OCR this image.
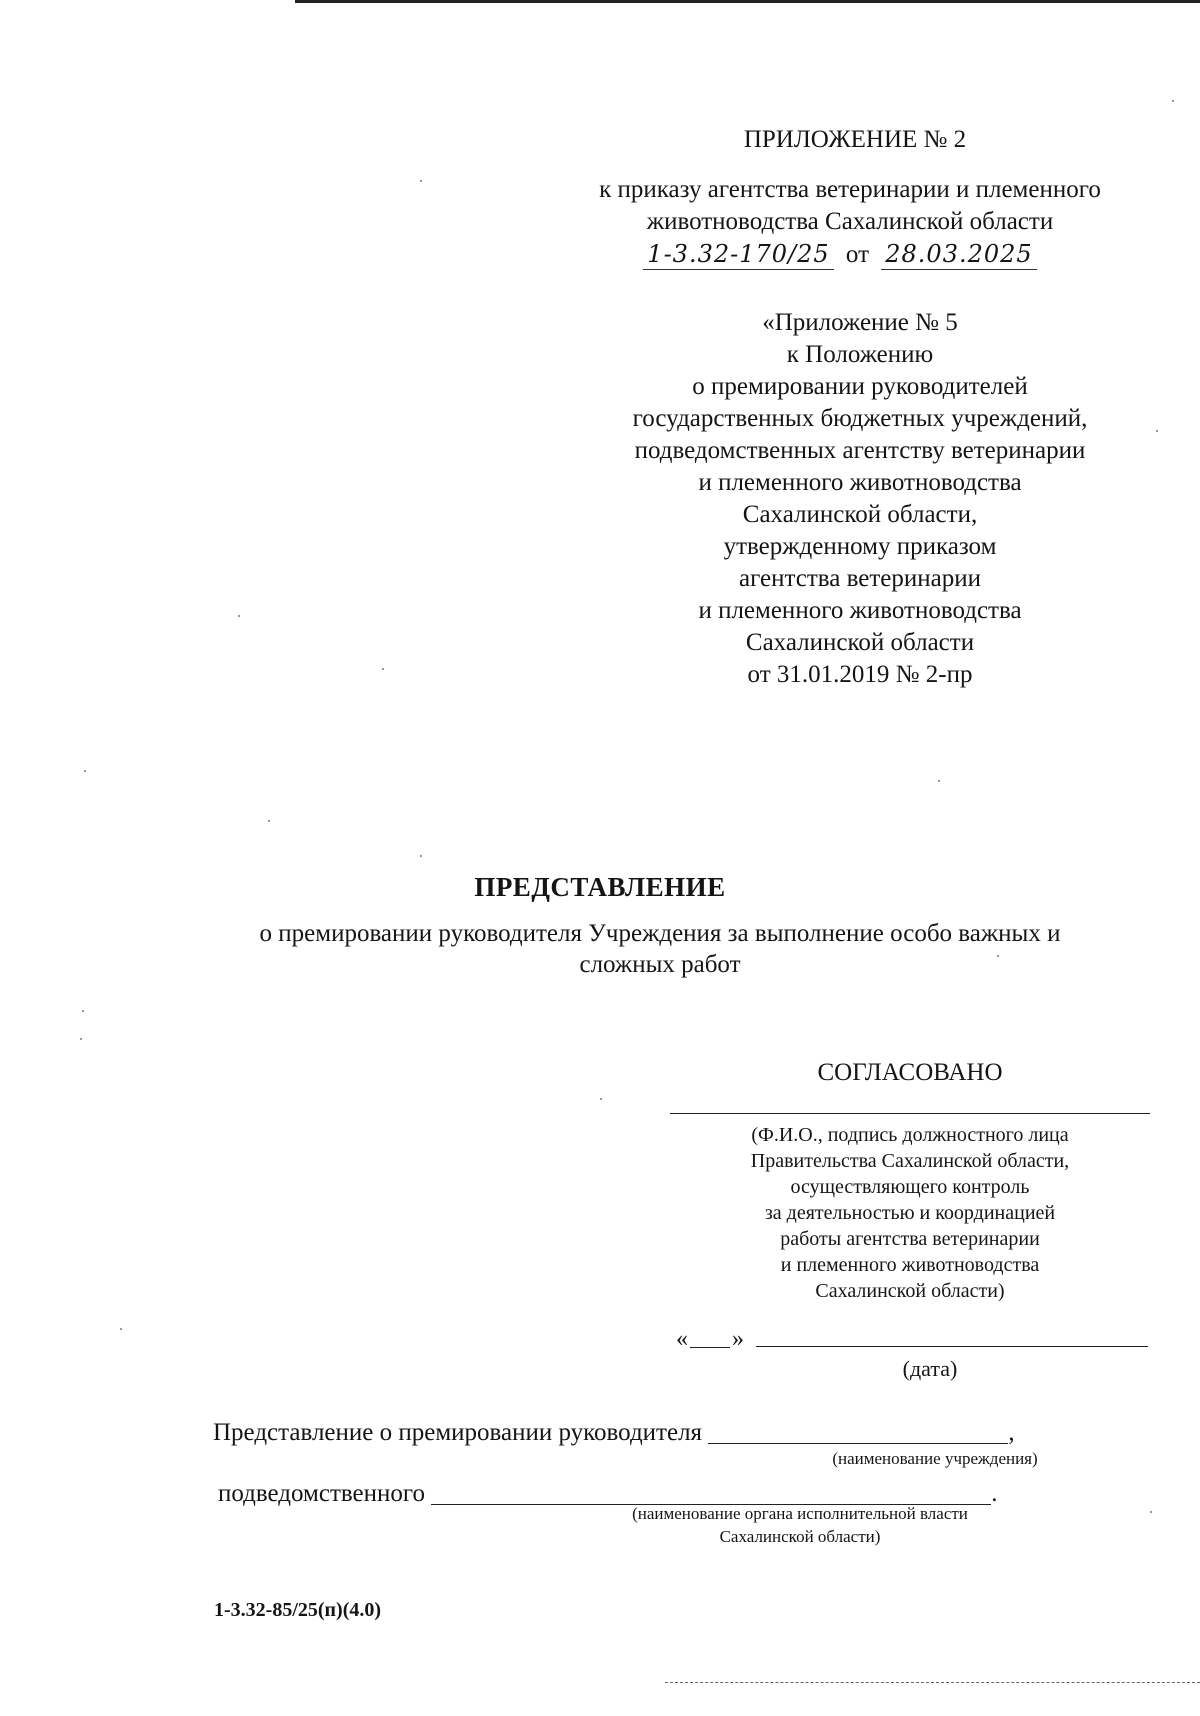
ПРИЛОЖЕНИЕ № 2
к приказу агентства ветеринарии и племенного
животноводства Сахалинской области
1-3.32-170/25 от 28.03.2025
«Приложение № 5
к Положению
о премировании руководителей
государственных бюджетных учреждений,
подведомственных агентству ветеринарии
и племенного животноводства
Сахалинской области,
утвержденному приказом
агентства ветеринарии
и племенного животноводства
Сахалинской области
от 31.01.2019 № 2-пр
ПРЕДСТАВЛЕНИЕ
о премировании руководителя Учреждения за выполнение особо важных и
сложных работ
СОГЛАСОВАНО
(Ф.И.О., подпись должностного лица
Правительства Сахалинской области,
осуществляющего контроль
за деятельностью и координацией
работы агентства ветеринарии
и племенного животноводства
Сахалинской области)
« »
(дата)
Представление о премировании руководителя	,
(наименование учреждения)
подведомственного	.
(наименование органа исполнительной власти
Сахалинской области)
1-3.32-85/25(п)(4.0)
